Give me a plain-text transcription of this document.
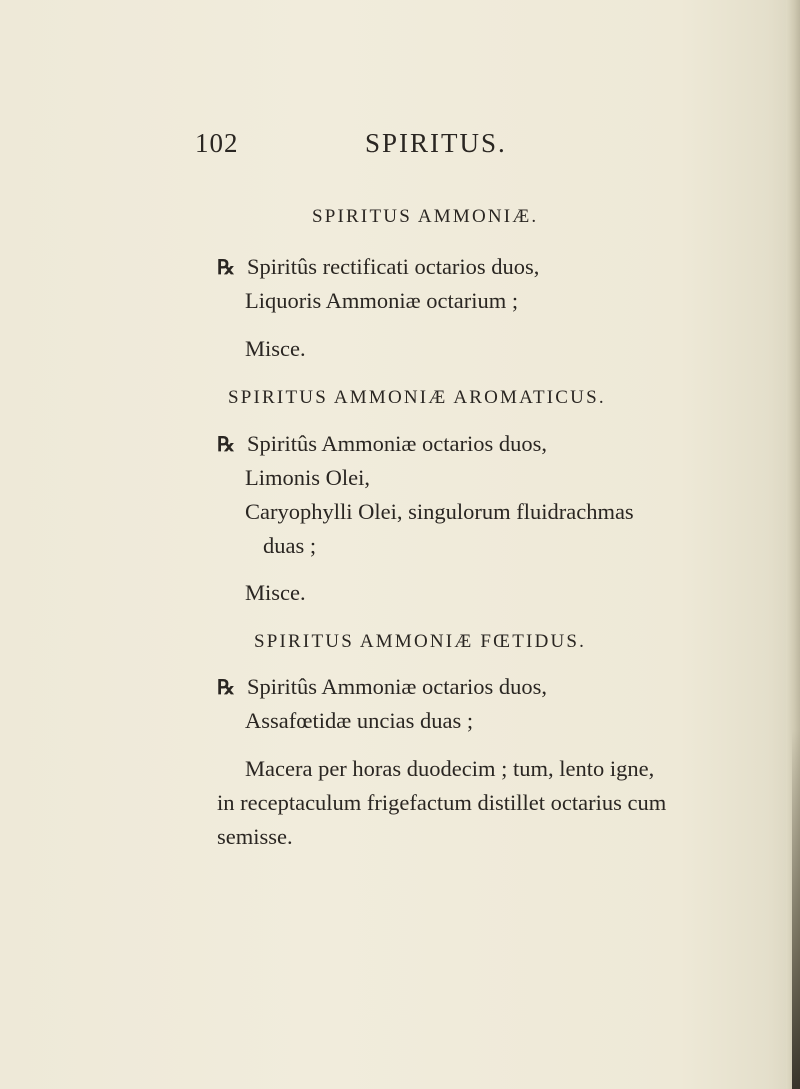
102	SPIRITUS.
SPIRITUS AMMONIÆ.
℞ Spiritûs rectificati octarios duos,
Liquoris Ammoniæ octarium ;
Misce.
SPIRITUS AMMONIÆ AROMATICUS.
℞ Spiritûs Ammoniæ octarios duos,
Limonis Olei,
Caryophylli Olei, singulorum fluidrachmas
duas ;
Misce.
SPIRITUS AMMONIÆ FŒTIDUS.
℞ Spiritûs Ammoniæ octarios duos,
Assafœtidæ uncias duas ;
Macera per horas duodecim ; tum, lento igne,
in receptaculum frigefactum distillet octarius cum
semisse.
